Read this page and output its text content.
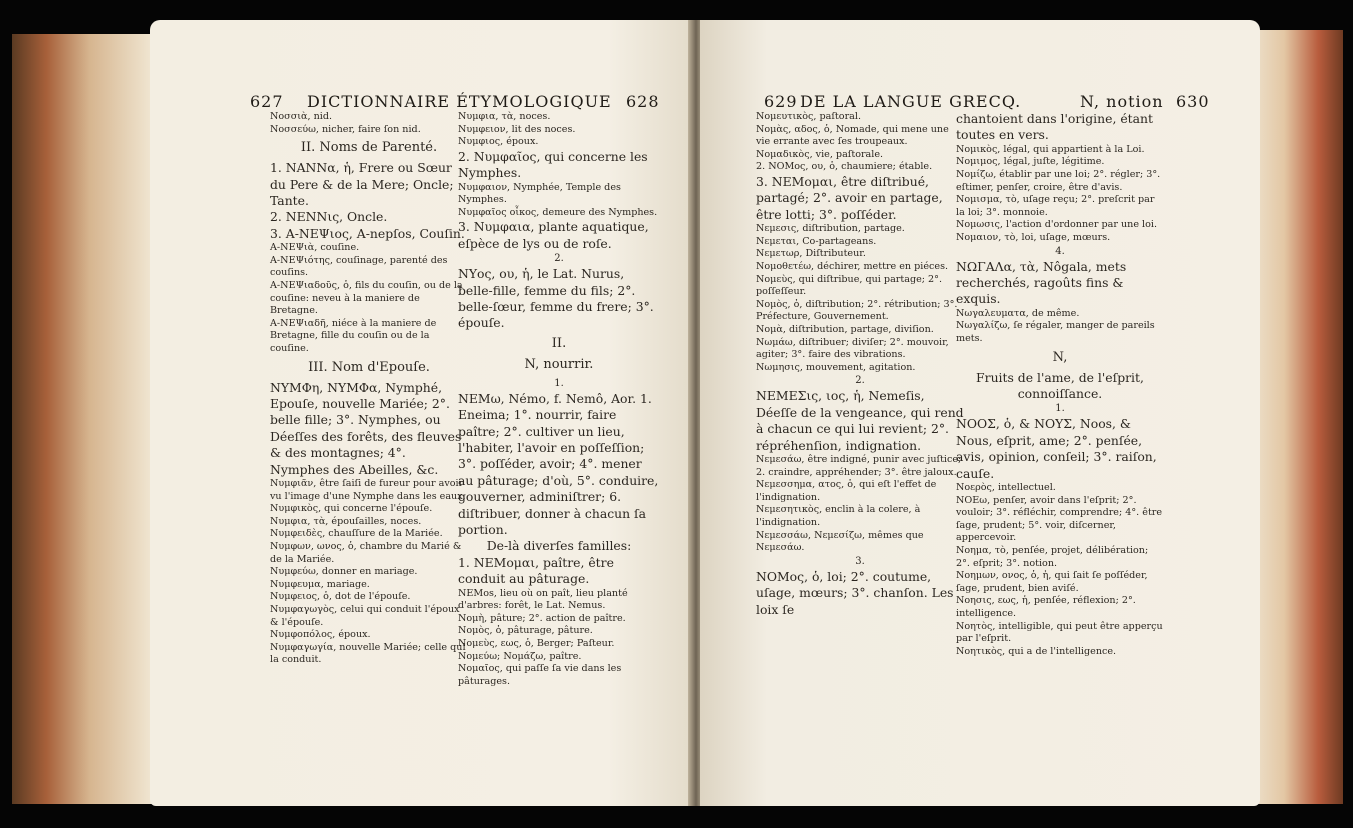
627 DICTIONNAIRE ÉTYMOLOGIQUE 628

Νοσσιὰ, nid.

Νοσσεύω, nicher, faire ſon nid.

II. Noms de Parenté.

1. NANNα, ἡ, Frere ou Sœur du Pere & de la Mere; Oncle; Tante.

2. NENNις, Oncle.

3. A-NEΨιος, A-nepſos, Couſin.

A-NEΨιὰ, couſine.

A-NEΨιότης, couſinage, parenté des couſins.

A-NEΨιαδοῦς, ὁ, fils du couſin, ou de la couſine: neveu à la maniere de Bretagne.

A-NEΨιαδῆ, niéce à la maniere de Bretagne, fille du couſin ou de la couſine.

III. Nom d'Epouſe.

NYMΦη, NYMΦα, Nymphé, Epouſe, nouvelle Mariée; 2°. belle fille; 3°. Nymphes, ou Déeſſes des forêts, des fleuves & des montagnes; 4°. Nymphes des Abeilles, &c.

Νυμφιᾶν, être ſaiſi de fureur pour avoir vu l'image d'une Nymphe dans les eaux.

Νυμφικὸς, qui concerne l'épouſe.

Νυμφια, τὰ, épouſailles, noces.

Νυμφειδὲς, chauſſure de la Mariée.

Νυμφων, ωνος, ὁ, chambre du Marié & de la Mariée.

Νυμφεύω, donner en mariage.

Νυμφευμα, mariage.

Νυμφειος, ὁ, dot de l'épouſe.

Νυμφαγωγὸς, celui qui conduit l'époux & l'épouſe.

Νυμφοπόλος, époux.

Νυμφαγωγία, nouvelle Mariée; celle qui la conduit.

Νυμφια, τὰ, noces.

Νυμφειον, lit des noces.

Νυμφιος, époux.

2. Νυμφαῖος, qui concerne les Nymphes.

Νυμφαιον, Nymphée, Temple des Nymphes.

Νυμφαῖος οἶκος, demeure des Nymphes.

3. Νυμφαια, plante aquatique, eſpèce de lys ou de roſe.

2.

NYος, ου, ἡ, le Lat. Nurus, belle-fille, femme du fils; 2°. belle-ſœur, femme du frere; 3°. épouſe.

II.

N, nourrir.

1.

NEMω, Némo, f. Nemô, Aor. 1. Eneima; 1°. nourrir, faire paître; 2°. cultiver un lieu, l'habiter, l'avoir en poſſeſſion; 3°. poſſéder, avoir; 4°. mener au pâturage; d'où, 5°. conduire, gouverner, adminiſtrer; 6. diſtribuer, donner à chacun ſa portion.

De-là diverſes familles:

1. NEMομαι, paître, être conduit au pâturage.

NEMos, lieu où on paît, lieu planté d'arbres: forêt, le Lat. Nemus.

Νομὴ, pâture; 2°. action de paître.

Νομὸς, ὁ, pâturage, pâture.

Νομεὺς, εως, ὁ, Berger; Paſteur.

Νομεύω; Νομάζω, paître.

Νομαῖος, qui paſſe ſa vie dans les pâturages.

629 DE LA LANGUE GRECQ.	N, notion 630

Νομευτικὸς, paſtoral.

Νομὰς, αδος, ὁ, Nomade, qui mene une vie errante avec ſes troupeaux.

Νομαδικὸς, vie, paſtorale.

2. NOMος, ου, ὁ, chaumiere; étable.

3. NEMομαι, être diſtribué, partagé; 2°. avoir en partage, être lotti; 3°. poſſéder.

Νεμεσις, diſtribution, partage.

Νεμεται, Co-partageans.

Νεμετωρ, Diſtributeur.

Νομοθετέω, déchirer, mettre en piéces.

Νομεὺς, qui diſtribue, qui partage; 2°. poſſeſſeur.

Νομὸς, ὁ, diſtribution; 2°. rétribution; 3°. Préfecture, Gouvernement.

Νομὰ, diſtribution, partage, diviſion.

Νωμάω, diſtribuer; diviſer; 2°. mouvoir, agiter; 3°. faire des vibrations.

Νωμησις, mouvement, agitation.

2.

NEMEΣις, ιος, ἡ, Nemeſis, Déeſſe de la vengeance, qui rend à chacun ce qui lui revient; 2°. répréhenſion, indignation.

Νεμεσάω, être indigné, punir avec juſtice; 2. craindre, appréhender; 3°. être jaloux.

Νεμεσσημα, ατος, ὁ, qui eſt l'effet de l'indignation.

Νεμεσητικὸς, enclin à la colere, à l'indignation.

Νεμεσσάω, Νεμεσίζω, mêmes que Νεμεσάω.

3.

NOMος, ὁ, loi; 2°. coutume, uſage, mœurs; 3°. chanſon. Les loix ſe

chantoient dans l'origine, étant toutes en vers.

Νομικὸς, légal, qui appartient à la Loi.

Νομιμος, légal, juſte, légitime.

Νομίζω, établir par une loi; 2°. régler; 3°. eſtimer, penſer, croire, être d'avis.

Νομισμα, τὸ, uſage reçu; 2°. preſcrit par la loi; 3°. monnoie.

Νομωσις, l'action d'ordonner par une loi.

Νομαιον, τὸ, loi, uſage, mœurs.

4.

NΩΓAΛα, τὰ, Nôgala, mets recherchés, ragoûts fins & exquis.

Νωγαλευματα, de même.

Νωγαλίζω, ſe régaler, manger de pareils mets.

N,

Fruits de l'ame, de l'eſprit, connoiſſance.

1.

NOOΣ, ὁ, & NOYΣ, Noos, & Nous, eſprit, ame; 2°. penſée, avis, opinion, conſeil; 3°. raiſon, cauſe.

Νοερὸς, intellectuel.

NOEω, penſer, avoir dans l'eſprit; 2°. vouloir; 3°. réfléchir, comprendre; 4°. être ſage, prudent; 5°. voir, diſcerner, appercevoir.

Νοημα, τὸ, penſée, projet, délibération; 2°. eſprit; 3°. notion.

Νοημων, ονος, ὁ, ἡ, qui ſait ſe poſſéder, ſage, prudent, bien aviſé.

Νοησις, εως, ἡ, penſée, réflexion; 2°. intelligence.

Νοητὸς, intelligible, qui peut être apperçu par l'eſprit.

Νοητικὸς, qui a de l'intelligence.
